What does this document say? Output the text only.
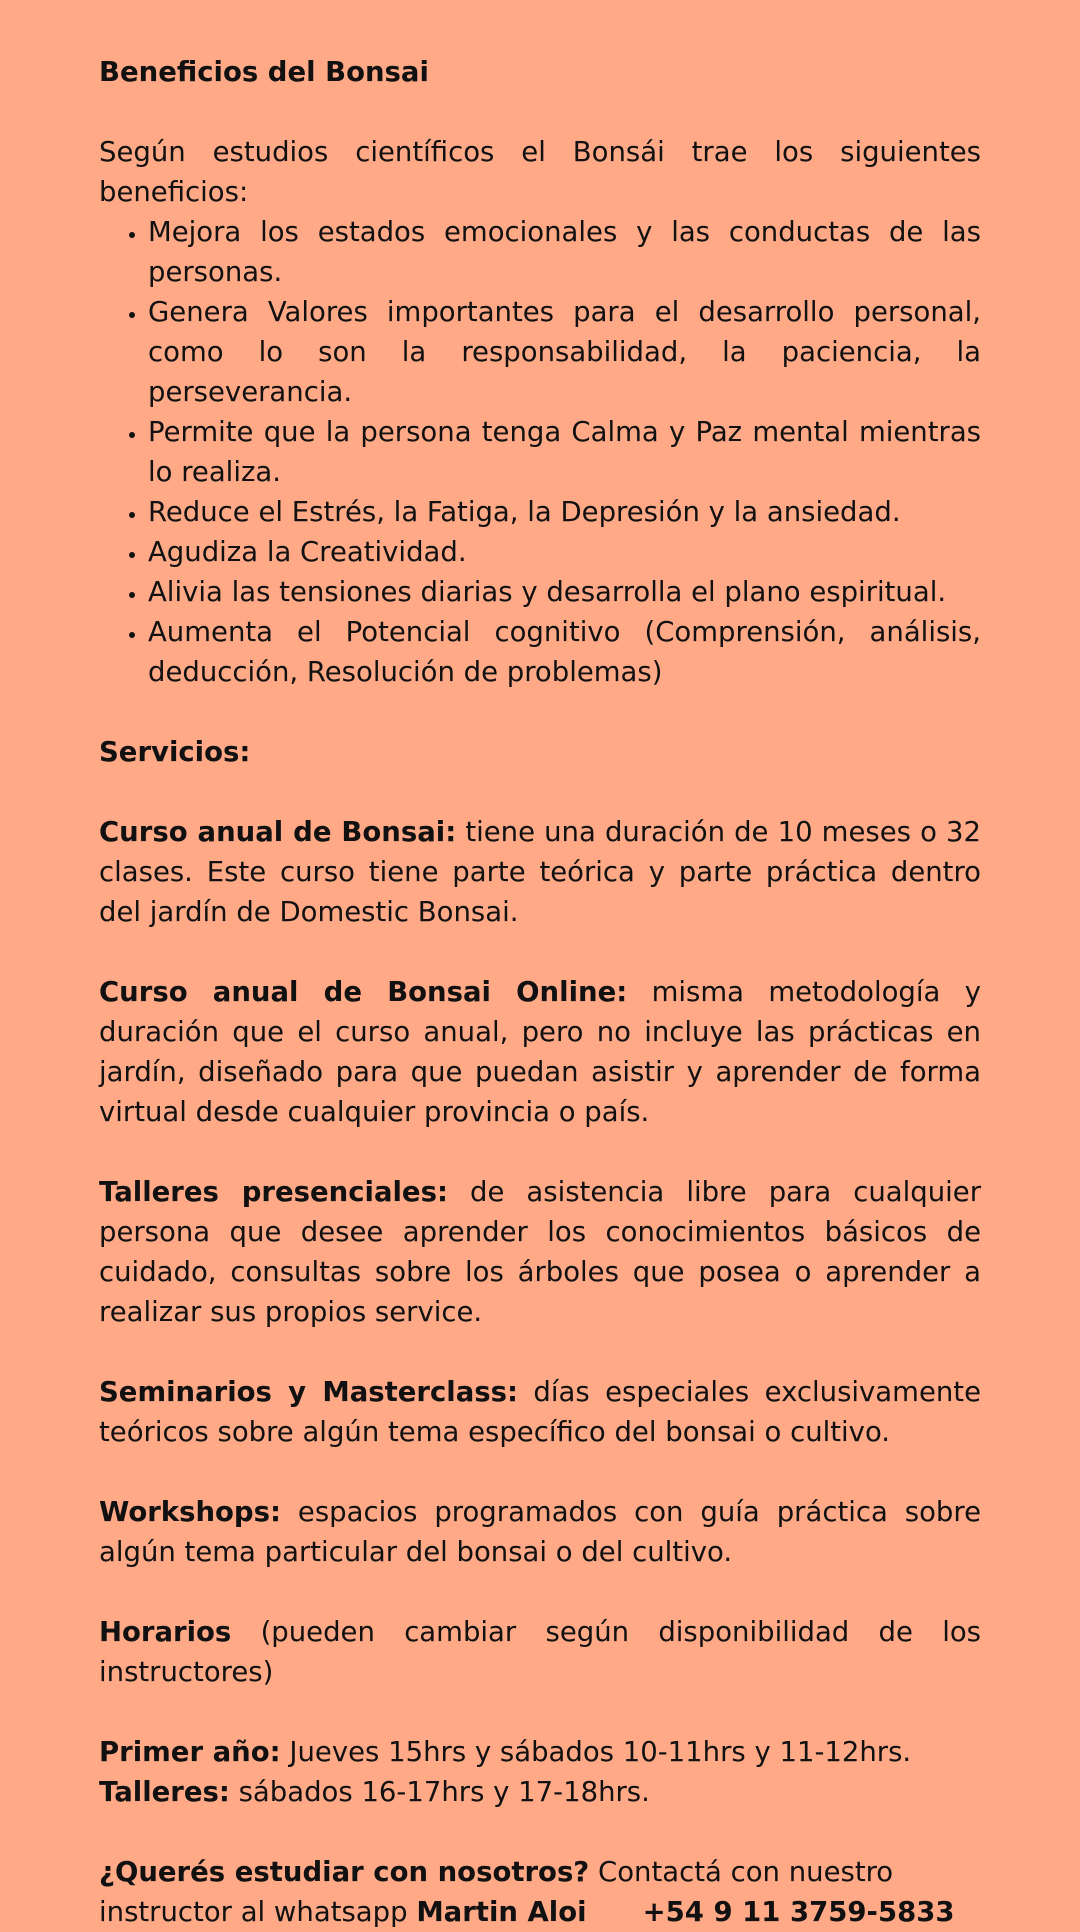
Beneficios del Bonsai

Según estudios científicos el Bonsái trae los siguientes beneficios:

• Mejora los estados emocionales y las conductas de las personas.
• Genera Valores importantes para el desarrollo personal, como lo son la responsabilidad, la paciencia, la perseverancia.
• Permite que la persona tenga Calma y Paz mental mientras lo realiza.
• Reduce el Estrés, la Fatiga, la Depresión y la ansiedad.
• Agudiza la Creatividad.
• Alivia las tensiones diarias y desarrolla el plano espiritual.
• Aumenta el Potencial cognitivo (Comprensión, análisis, deducción, Resolución de problemas)
Servicios:

Curso anual de Bonsai: tiene una duración de 10 meses o 32 clases. Este curso tiene parte teórica y parte práctica dentro del jardín de Domestic Bonsai.

Curso anual de Bonsai Online: misma metodología y duración que el curso anual, pero no incluye las prácticas en jardín, diseñado para que puedan asistir y aprender de forma virtual desde cualquier provincia o país.

Talleres presenciales: de asistencia libre para cualquier persona que desee aprender los conocimientos básicos de cuidado, consultas sobre los árboles que posea o aprender a realizar sus propios service.

Seminarios y Masterclass: días especiales exclusivamente teóricos sobre algún tema específico del bonsai o cultivo.

Workshops: espacios programados con guía práctica sobre algún tema particular del bonsai o del cultivo.

Horarios (pueden cambiar según disponibilidad de los instructores)

Primer año: Jueves 15hrs y sábados 10-11hrs y 11-12hrs.

Talleres: sábados 16-17hrs y 17-18hrs.

¿Querés estudiar con nosotros? Contactá con nuestro instructor al whatsapp Martin Aloi +54 9 11 3759-5833
